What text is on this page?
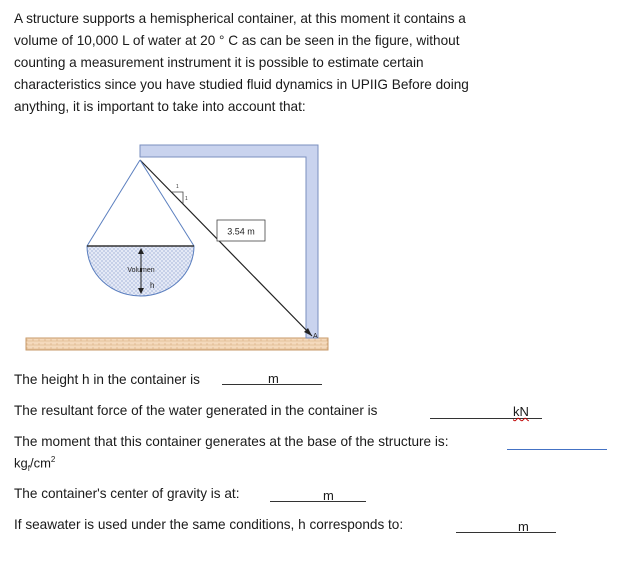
A structure supports a hemispherical container, at this moment it contains a
volume of 10,000 L of water at 20 ° C as can be seen in the figure, without
counting a measurement instrument it is possible to estimate certain
characteristics since you have studied fluid dynamics in UPIIG Before doing
anything, it is important to take into account that:
Volumen
h
1
1
3.54 m
A
The height h in the container is	m
The resultant force of the water generated in the container is	kN
The moment that this container generates at the base of the structure is:
$kg_f/cm^2$
The container's center of gravity is at:	m
If seawater is used under the same conditions, h corresponds to:	m
